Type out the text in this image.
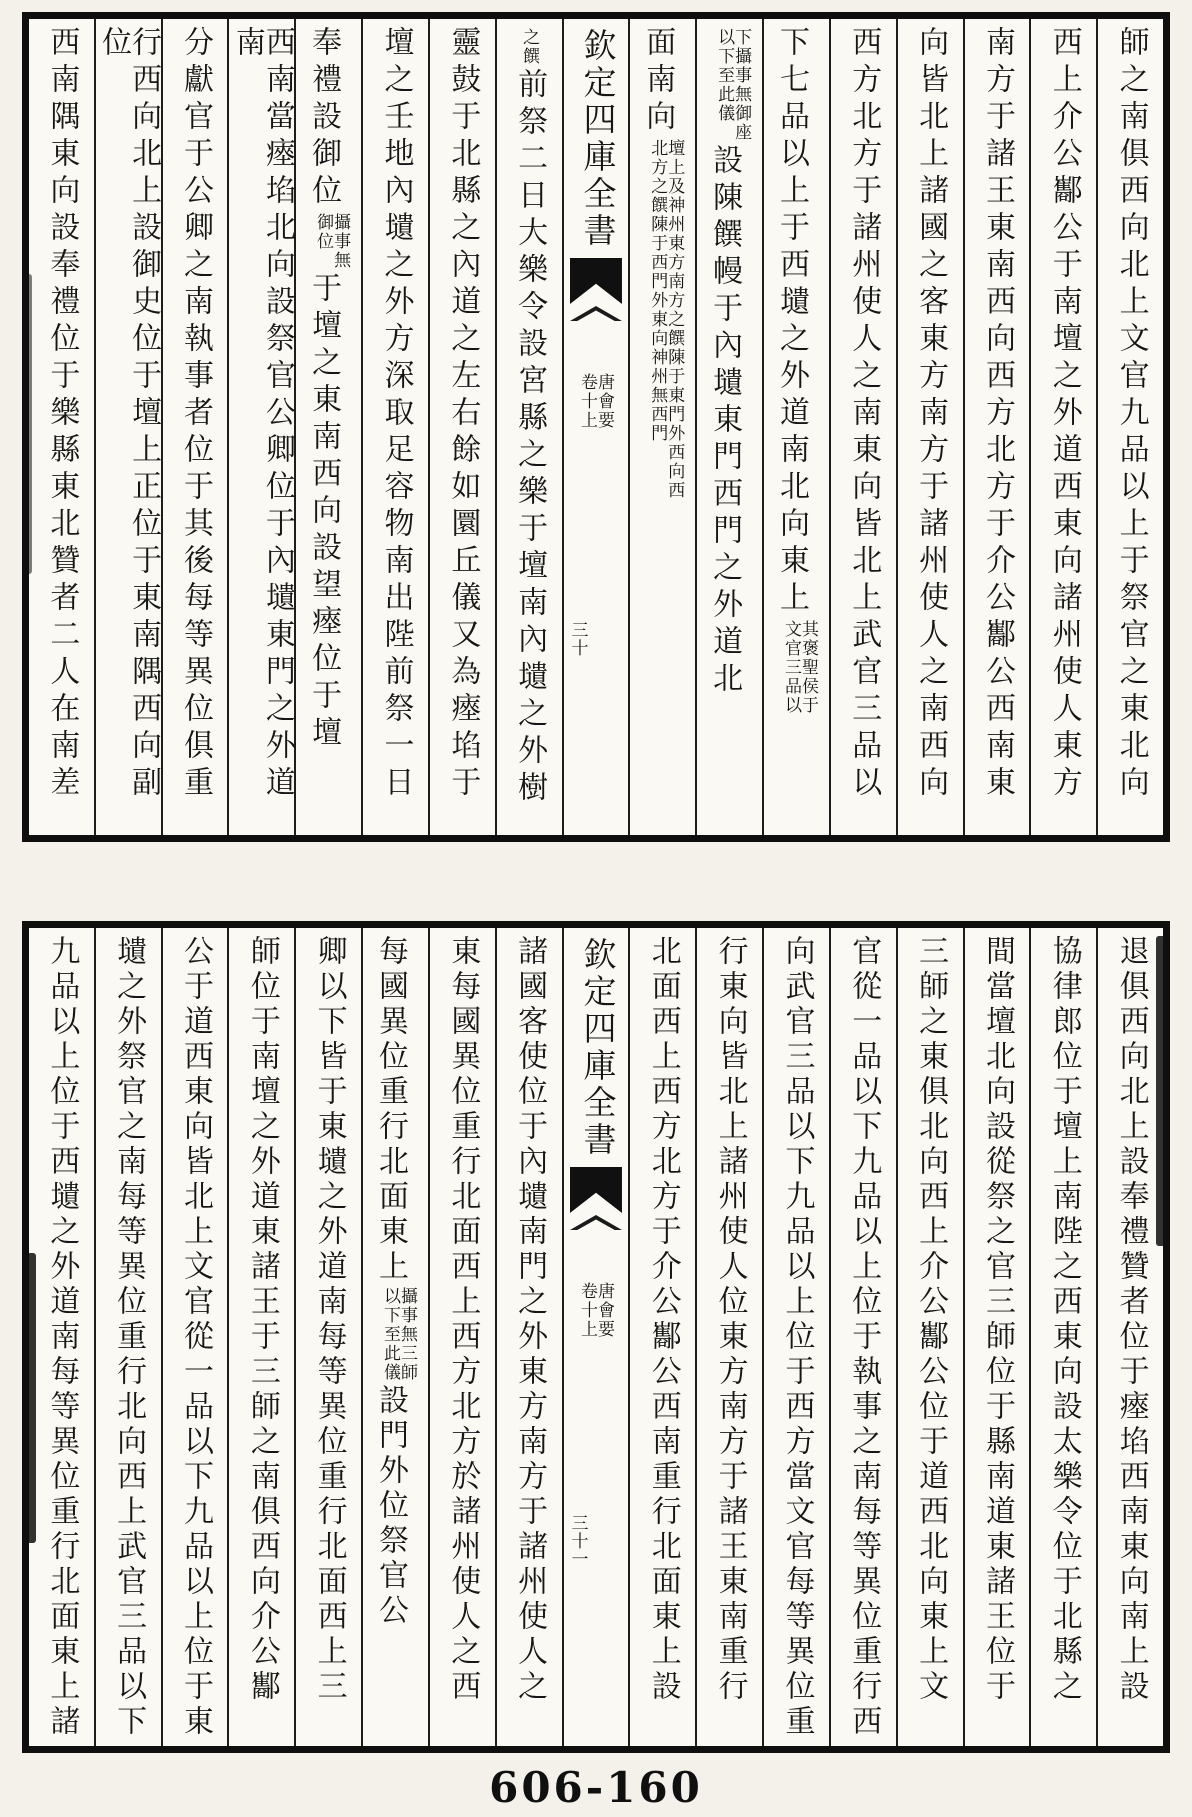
師之南俱西向北上文官九品以上于祭官之東北向
西上介公酅公于南壇之外道西東向諸州使人東方
南方于諸王東南西向西方北方于介公酅公西南東
向皆北上諸國之客東方南方于諸州使人之南西向
西方北方于諸州使人之南東向皆北上武官三品以
下七品以上于西壝之外道南北向東上
其褒聖侯于
文官三品以
下攝事無御座
以下至此儀
設陳饌幔于內壝東門西門之外道北
面南向
壇上及神州東方南方之饌陳于東門外西向西
北方之饌陳于西門外東向神州無西門
欽定四庫全書
唐會要
卷十上
三十
之饌
前祭二日大樂令設宮縣之樂于壇南內壝之外樹
靈鼓于北縣之內道之左右餘如圜丘儀又為瘞埳于
壇之壬地內壝之外方深取足容物南出陛前祭一日
奉禮設御位
攝事無
御位
于壇之東南西向設望瘞位于壇
西南當瘞埳北向設祭官公卿位于內壝東門之外道南
分獻官于公卿之南執事者位于其後每等異位俱重
行西向北上設御史位于壇上正位于東南隅西向副位
西南隅東向設奉禮位于樂縣東北贊者二人在南差
退俱西向北上設奉禮贊者位于瘞埳西南東向南上設
協律郎位于壇上南陛之西東向設太樂令位于北縣之
間當壇北向設從祭之官三師位于縣南道東諸王位于
三師之東俱北向西上介公酅公位于道西北向東上文
官從一品以下九品以上位于執事之南每等異位重行西
向武官三品以下九品以上位于西方當文官每等異位重
行東向皆北上諸州使人位東方南方于諸王東南重行
北面西上西方北方于介公酅公西南重行北面東上設
欽定四庫全書
唐會要
卷十上
三十一
諸國客使位于內壝南門之外東方南方于諸州使人之
東每國異位重行北面西上西方北方於諸州使人之西
每國異位重行北面東上
攝事無三師
以下至此儀
設門外位祭官公
卿以下皆于東壝之外道南每等異位重行北面西上三
師位于南壇之外道東諸王于三師之南俱西向介公酅
公于道西東向皆北上文官從一品以下九品以上位于東
壝之外祭官之南每等異位重行北向西上武官三品以下
九品以上位于西壝之外道南每等異位重行北面東上諸
606-160
